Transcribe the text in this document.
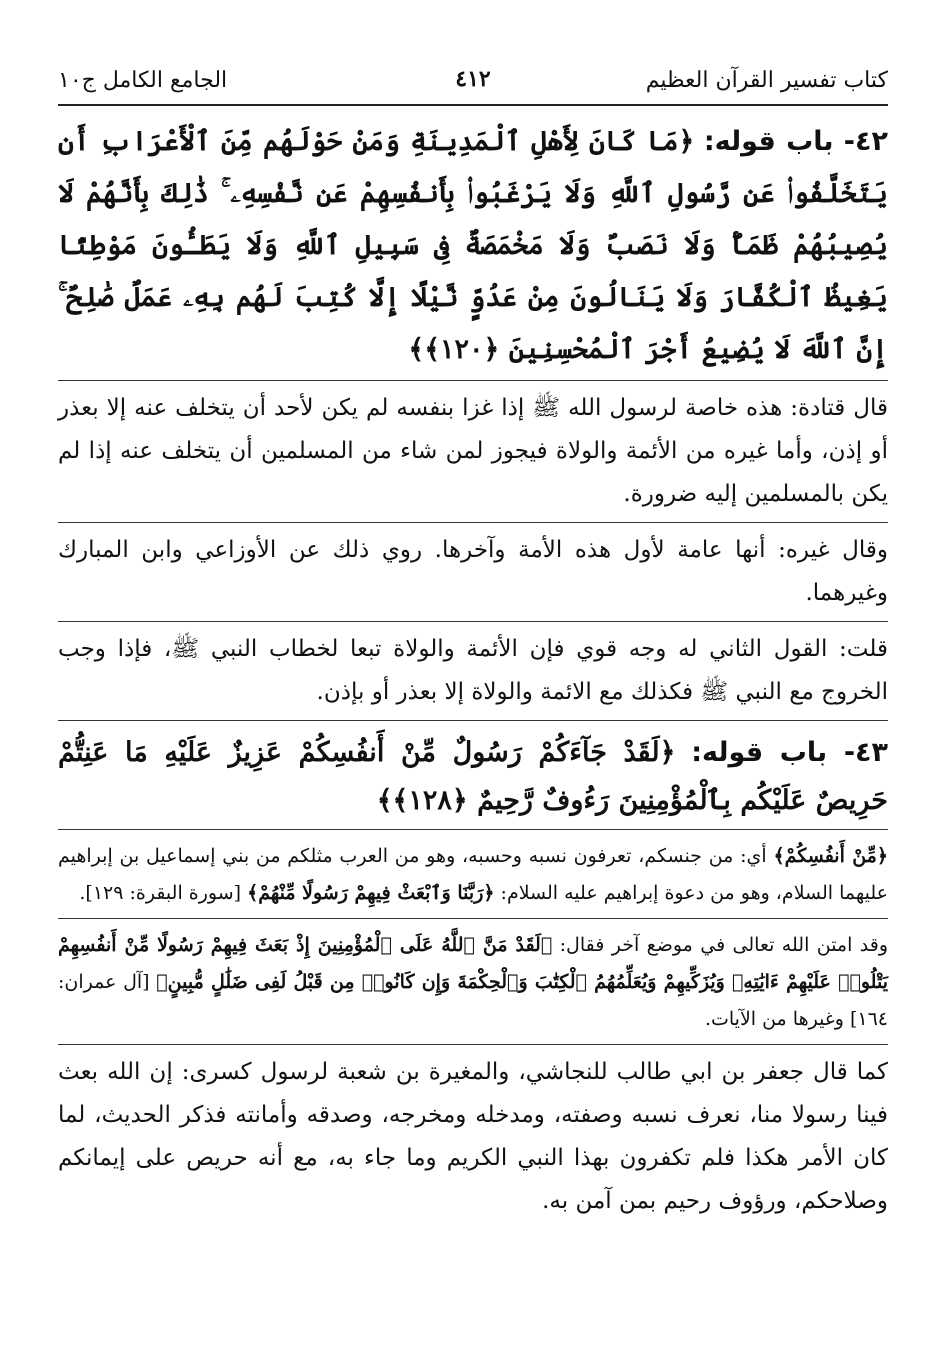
كتاب تفسير القرآن العظيم
٤١٢
الجامع الكامل ج١٠

٤٢- باب قوله: ﴿مَا كَانَ لِأَهْلِ ٱلْمَدِينَةِ وَمَنْ حَوْلَهُم مِّنَ ٱلْأَعْرَابِ أَن يَتَخَلَّفُوا۟ عَن رَّسُولِ ٱللَّهِ وَلَا يَرْغَبُوا۟ بِأَنفُسِهِمْ عَن نَّفْسِهِۦ ۚ ذَٰلِكَ بِأَنَّهُمْ لَا يُصِيبُهُمْ ظَمَأٌ وَلَا نَصَبٌ وَلَا مَخْمَصَةٌ فِى سَبِيلِ ٱللَّهِ وَلَا يَطَـُٔونَ مَوْطِئًا يَغِيظُ ٱلْكُفَّارَ وَلَا يَنَالُونَ مِنْ عَدُوٍّ نَّيْلًا إِلَّا كُتِبَ لَهُم بِهِۦ عَمَلٌ صَٰلِحٌ ۚ إِنَّ ٱللَّهَ لَا يُضِيعُ أَجْرَ ٱلْمُحْسِنِينَ ﴿١٢٠﴾﴾

قال قتادة: هذه خاصة لرسول الله ﷺ إذا غزا بنفسه لم يكن لأحد أن يتخلف عنه إلا بعذر أو إذن، وأما غيره من الأئمة والولاة فيجوز لمن شاء من المسلمين أن يتخلف عنه إذا لم يكن بالمسلمين إليه ضرورة.

وقال غيره: أنها عامة لأول هذه الأمة وآخرها. روي ذلك عن الأوزاعي وابن المبارك وغيرهما.

قلت: القول الثاني له وجه قوي فإن الأئمة والولاة تبعا لخطاب النبي ﷺ، فإذا وجب الخروج مع النبي ﷺ فكذلك مع الائمة والولاة إلا بعذر أو بإذن.

٤٣- باب قوله: ﴿لَقَدْ جَآءَكُمْ رَسُولٌ مِّنْ أَنفُسِكُمْ عَزِيزٌ عَلَيْهِ مَا عَنِتُّمْ حَرِيصٌ عَلَيْكُم بِٱلْمُؤْمِنِينَ رَءُوفٌ رَّحِيمٌ ﴿١٢٨﴾﴾

﴿مِّنْ أَنفُسِكُمْ﴾ أي: من جنسكم، تعرفون نسبه وحسبه، وهو من العرب مثلكم من بني إسماعيل بن إبراهيم عليهما السلام، وهو من دعوة إبراهيم عليه السلام: ﴿رَبَّنَا وَٱبْعَثْ فِيهِمْ رَسُولًا مِّنْهُمْ﴾ [سورة البقرة: ١٢٩].

وقد امتن الله تعالى في موضع آخر فقال: ﴿لَقَدْ مَنَّ ٱللَّهُ عَلَى ٱلْمُؤْمِنِينَ إِذْ بَعَثَ فِيهِمْ رَسُولًا مِّنْ أَنفُسِهِمْ يَتْلُوا۟ عَلَيْهِمْ ءَايَٰتِهِۦ وَيُزَكِّيهِمْ وَيُعَلِّمُهُمُ ٱلْكِتَٰبَ وَٱلْحِكْمَةَ وَإِن كَانُوا۟ مِن قَبْلُ لَفِى ضَلَٰلٍ مُّبِينٍ﴾ [آل عمران: ١٦٤] وغيرها من الآيات.

كما قال جعفر بن ابي طالب للنجاشي، والمغيرة بن شعبة لرسول كسرى: إن الله بعث فينا رسولا منا، نعرف نسبه وصفته، ومدخله ومخرجه، وصدقه وأمانته فذكر الحديث، لما كان الأمر هكذا فلم تكفرون بهذا النبي الكريم وما جاء به، مع أنه حريص على إيمانكم وصلاحكم، ورؤوف رحيم بمن آمن به.
